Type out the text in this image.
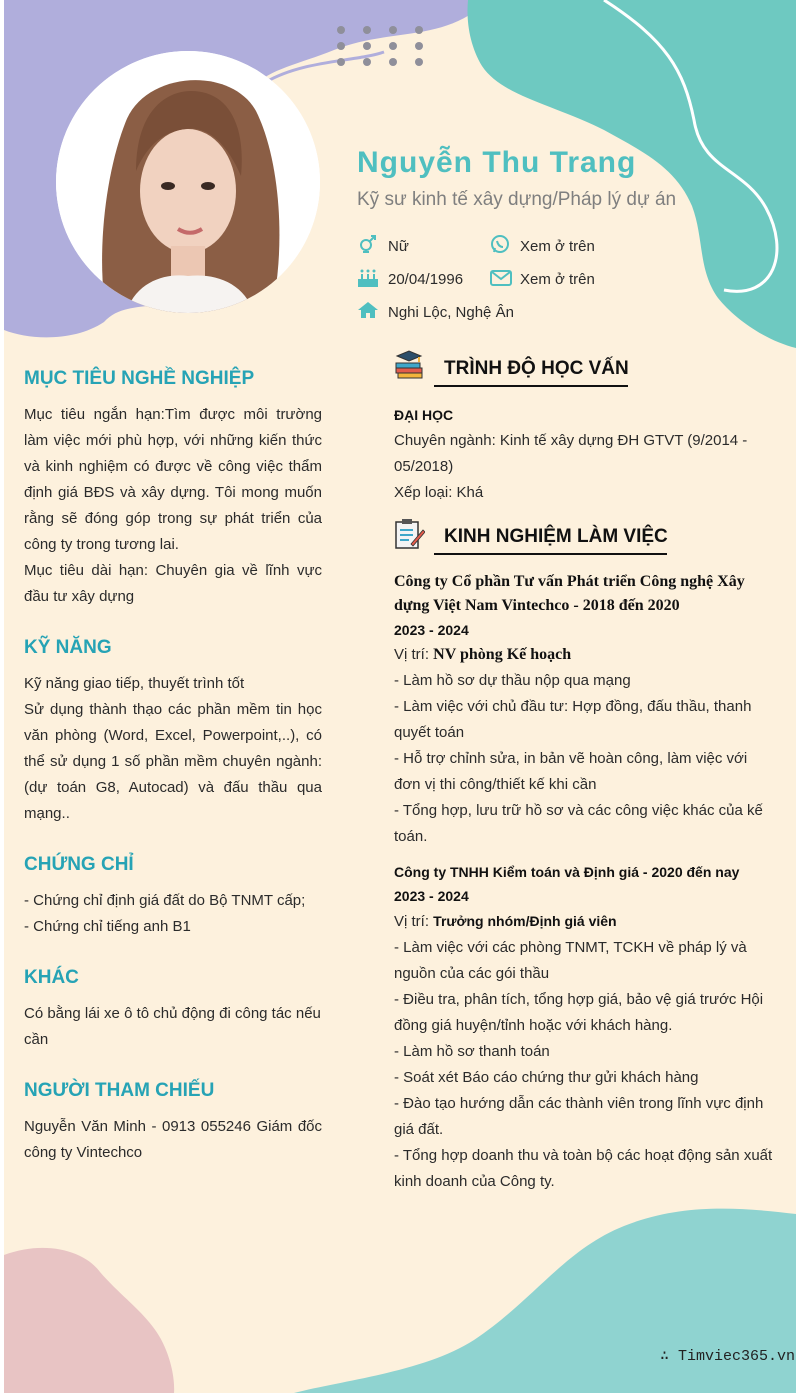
Nguyễn Thu Trang
Kỹ sư kinh tế xây dựng/Pháp lý dự án
Nữ	Xem ở trên
20/04/1996	Xem ở trên
Nghi Lộc, Nghệ Ân
MỤC TIÊU NGHỀ NGHIỆP

Mục tiêu ngắn hạn:Tìm được môi trường làm việc mới phù hợp, với những kiến thức và kinh nghiệm có được về công việc thẩm định giá BĐS và xây dựng. Tôi mong muốn rằng sẽ đóng góp trong sự phát triển của công ty trong tương lai.

Mục tiêu dài hạn: Chuyên gia về lĩnh vực đầu tư xây dựng

KỸ NĂNG

Kỹ năng giao tiếp, thuyết trình tốt

Sử dụng thành thạo các phần mềm tin học văn phòng (Word, Excel, Powerpoint,..), có thể sử dụng 1 số phần mềm chuyên ngành: (dự toán G8, Autocad) và đấu thầu qua mạng..

CHỨNG CHỈ

- Chứng chỉ định giá đất do Bộ TNMT cấp;

- Chứng chỉ tiếng anh B1

KHÁC

Có bằng lái xe ô tô chủ động đi công tác nếu cần

NGƯỜI THAM CHIẾU

Nguyễn Văn Minh - 0913 055246 Giám đốc công ty Vintechco

TRÌNH ĐỘ HỌC VẤN

ĐẠI HỌC

Chuyên ngành: Kinh tế xây dựng ĐH GTVT (9/2014 - 05/2018)

Xếp loại: Khá

KINH NGHIỆM LÀM VIỆC

Công ty Cổ phần Tư vấn Phát triển Công nghệ Xây dựng Việt Nam Vintechco - 2018 đến 2020

2023 - 2024

Vị trí: NV phòng Kế hoạch

- Làm hồ sơ dự thầu nộp qua mạng

- Làm việc với chủ đầu tư: Hợp đồng, đấu thầu, thanh quyết toán

- Hỗ trợ chỉnh sửa, in bản vẽ hoàn công, làm việc với đơn vị thi công/thiết kế khi cần

- Tổng hợp, lưu trữ hồ sơ và các công việc khác của kế toán.

Công ty TNHH Kiểm toán và Định giá - 2020 đến nay

2023 - 2024

Vị trí: Trưởng nhóm/Định giá viên

- Làm việc với các phòng TNMT, TCKH về pháp lý và nguồn của các gói thầu

- Điều tra, phân tích, tổng hợp giá, bảo vệ giá trước Hội đồng giá huyện/tỉnh hoặc với khách hàng.

- Làm hồ sơ thanh toán

- Soát xét Báo cáo chứng thư gửi khách hàng

- Đào tạo hướng dẫn các thành viên trong lĩnh vực định giá đất.

- Tổng hợp doanh thu và toàn bộ các hoạt động sản xuất kinh doanh của Công ty.

∴ Timviec365.vn
